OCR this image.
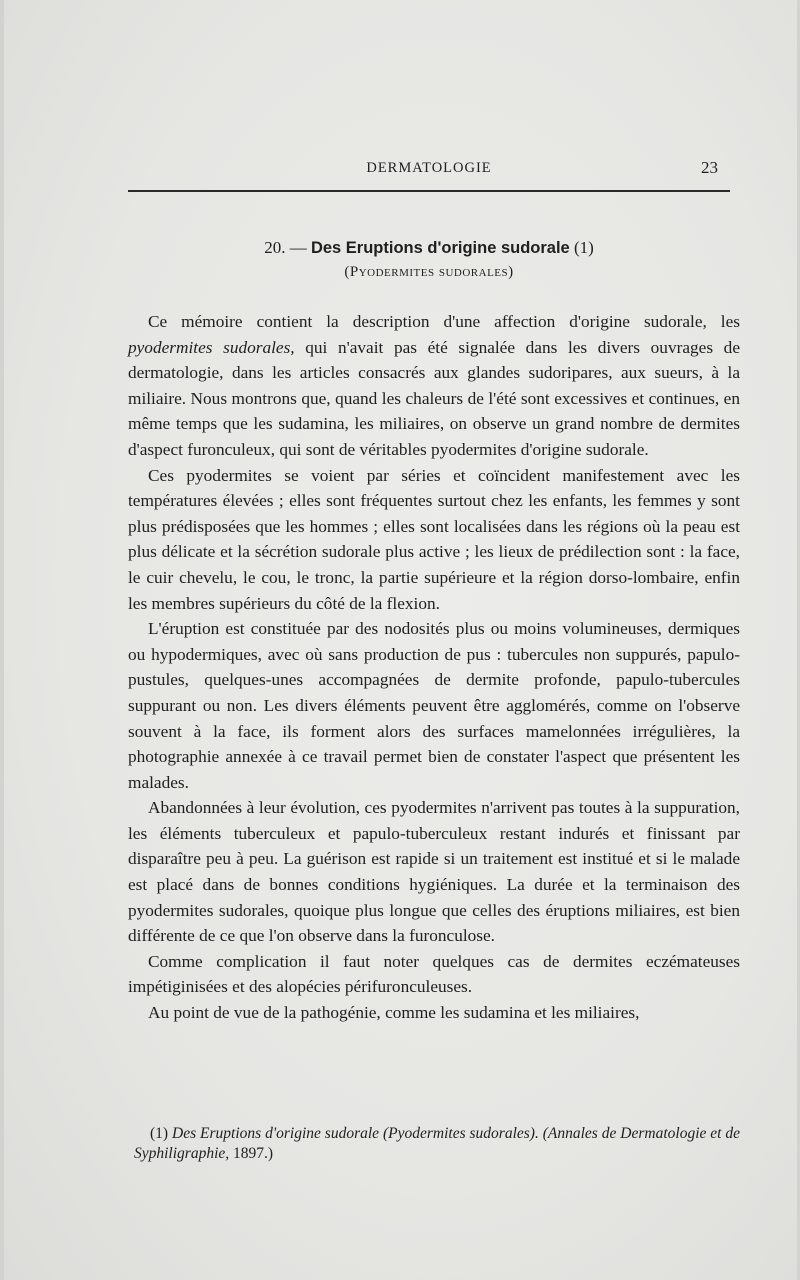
DERMATOLOGIE	23
20. — Des Eruptions d'origine sudorale (1)
(Pyodermites sudorales)

Ce mémoire contient la description d'une affection d'origine sudorale, les pyodermites sudorales, qui n'avait pas été signalée dans les divers ouvrages de dermatologie, dans les articles consacrés aux glandes sudoripares, aux sueurs, à la miliaire. Nous montrons que, quand les chaleurs de l'été sont excessives et continues, en même temps que les sudamina, les miliaires, on observe un grand nombre de dermites d'aspect furonculeux, qui sont de véritables pyodermites d'origine sudorale.

Ces pyodermites se voient par séries et coïncident manifestement avec les températures élevées ; elles sont fréquentes surtout chez les enfants, les femmes y sont plus prédisposées que les hommes ; elles sont localisées dans les régions où la peau est plus délicate et la sécrétion sudorale plus active ; les lieux de prédilection sont : la face, le cuir chevelu, le cou, le tronc, la partie supérieure et la région dorso-lombaire, enfin les membres supérieurs du côté de la flexion.

L'éruption est constituée par des nodosités plus ou moins volumineuses, dermiques ou hypodermiques, avec où sans production de pus : tubercules non suppurés, papulo-pustules, quelques-unes accompagnées de dermite profonde, papulo-tubercules suppurant ou non. Les divers éléments peuvent être agglomérés, comme on l'observe souvent à la face, ils forment alors des surfaces mamelonnées irrégulières, la photographie annexée à ce travail permet bien de constater l'aspect que présentent les malades.

Abandonnées à leur évolution, ces pyodermites n'arrivent pas toutes à la suppuration, les éléments tuberculeux et papulo-tuberculeux restant indurés et finissant par disparaître peu à peu. La guérison est rapide si un traitement est institué et si le malade est placé dans de bonnes conditions hygiéniques. La durée et la terminaison des pyodermites sudorales, quoique plus longue que celles des éruptions miliaires, est bien différente de ce que l'on observe dans la furonculose.

Comme complication il faut noter quelques cas de dermites eczémateuses impétiginisées et des alopécies périfuronculeuses.

Au point de vue de la pathogénie, comme les sudamina et les miliaires,

(1) Des Eruptions d'origine sudorale (Pyodermites sudorales). (Annales de Dermatologie et de Syphiligraphie, 1897.)
